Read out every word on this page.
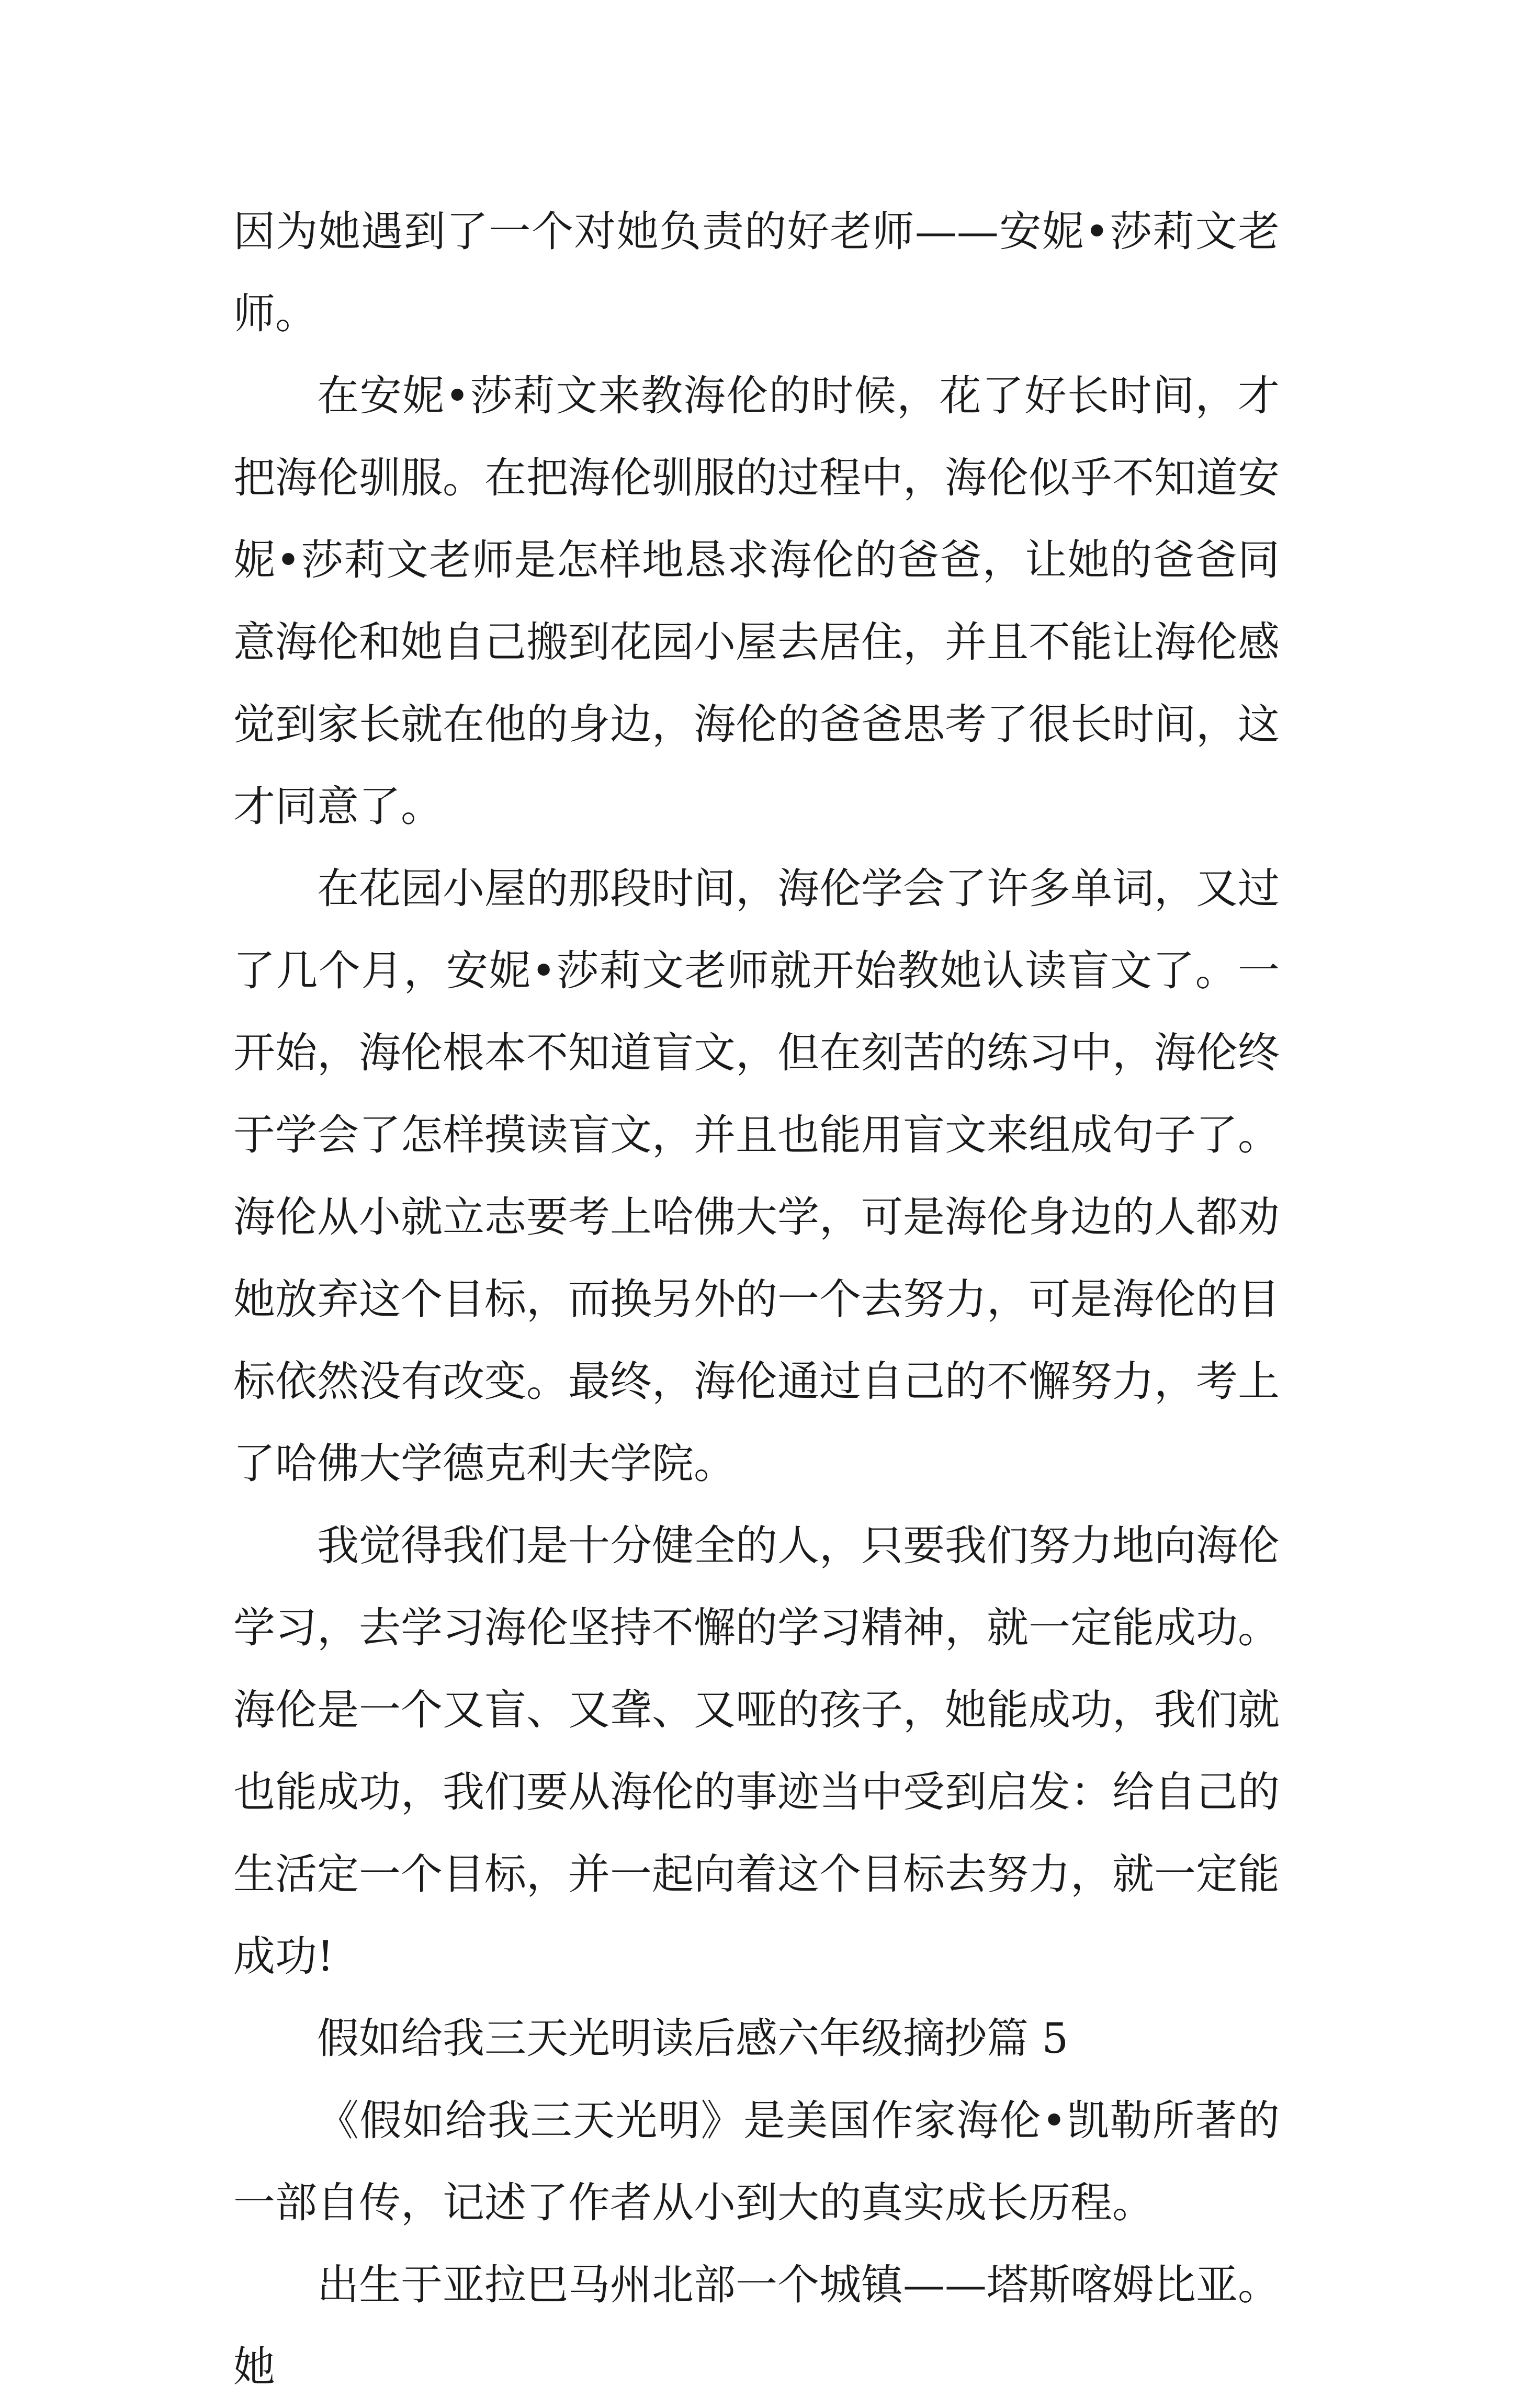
因为她遇到了一个对她负责的好老师——安妮•莎莉文老师。

在安妮•莎莉文来教海伦的时候，花了好长时间，才把海伦驯服。在把海伦驯服的过程中，海伦似乎不知道安妮•莎莉文老师是怎样地恳求海伦的爸爸，让她的爸爸同意海伦和她自己搬到花园小屋去居住，并且不能让海伦感觉到家长就在他的身边，海伦的爸爸思考了很长时间，这才同意了。

在花园小屋的那段时间，海伦学会了许多单词，又过了几个月，安妮•莎莉文老师就开始教她认读盲文了。一开始，海伦根本不知道盲文，但在刻苦的练习中，海伦终于学会了怎样摸读盲文，并且也能用盲文来组成句子了。海伦从小就立志要考上哈佛大学，可是海伦身边的人都劝她放弃这个目标，而换另外的一个去努力，可是海伦的目标依然没有改变。最终，海伦通过自己的不懈努力，考上了哈佛大学德克利夫学院。

我觉得我们是十分健全的人，只要我们努力地向海伦学习，去学习海伦坚持不懈的学习精神，就一定能成功。海伦是一个又盲、又聋、又哑的孩子，她能成功，我们就也能成功，我们要从海伦的事迹当中受到启发：给自己的生活定一个目标，并一起向着这个目标去努力，就一定能成功!

假如给我三天光明读后感六年级摘抄篇 5

《假如给我三天光明》是美国作家海伦•凯勒所著的一部自传，记述了作者从小到大的真实成长历程。

出生于亚拉巴马州北部一个城镇——塔斯喀姆比亚。她
